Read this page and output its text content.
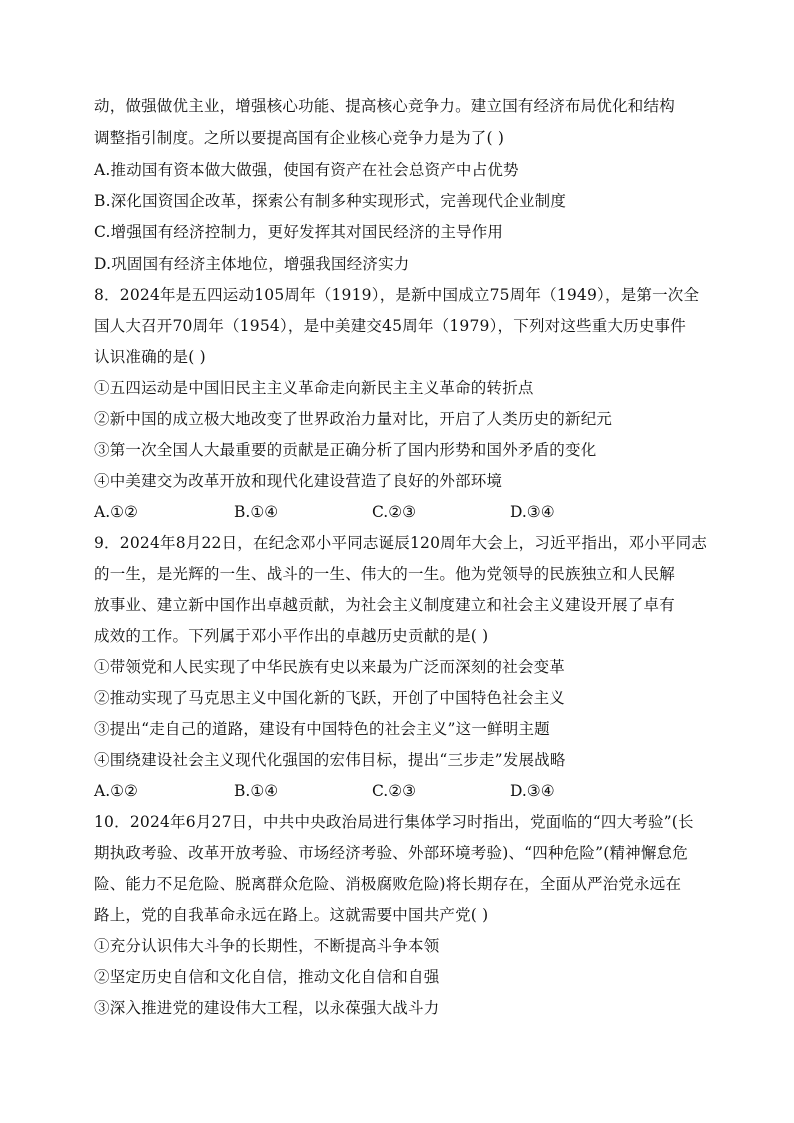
动，做强做优主业，增强核心功能、提高核心竞争力。建立国有经济布局优化和结构
调整指引制度。之所以要提高国有企业核心竞争力是为了( )
A.推动国有资本做大做强，使国有资产在社会总资产中占优势
B.深化国资国企改革，探索公有制多种实现形式，完善现代企业制度
C.增强国有经济控制力，更好发挥其对国民经济的主导作用
D.巩固国有经济主体地位，增强我国经济实力
8．2024年是五四运动105周年（1919），是新中国成立75周年（1949），是第一次全
国人大召开70周年（1954），是中美建交45周年（1979），下列对这些重大历史事件
认识准确的是( )
①五四运动是中国旧民主主义革命走向新民主主义革命的转折点
②新中国的成立极大地改变了世界政治力量对比，开启了人类历史的新纪元
③第一次全国人大最重要的贡献是正确分析了国内形势和国外矛盾的变化
④中美建交为改革开放和现代化建设营造了良好的外部环境
A.①②	B.①④	C.②③	D.③④
9．2024年8月22日，在纪念邓小平同志诞辰120周年大会上，习近平指出，邓小平同志
的一生，是光辉的一生、战斗的一生、伟大的一生。他为党领导的民族独立和人民解
放事业、建立新中国作出卓越贡献，为社会主义制度建立和社会主义建设开展了卓有
成效的工作。下列属于邓小平作出的卓越历史贡献的是( )
①带领党和人民实现了中华民族有史以来最为广泛而深刻的社会变革
②推动实现了马克思主义中国化新的飞跃，开创了中国特色社会主义
③提出“走自己的道路，建设有中国特色的社会主义”这一鲜明主题
④围绕建设社会主义现代化强国的宏伟目标，提出“三步走”发展战略
A.①②	B.①④	C.②③	D.③④
10．2024年6月27日，中共中央政治局进行集体学习时指出，党面临的“四大考验”(长
期执政考验、改革开放考验、市场经济考验、外部环境考验)、“四种危险”(精神懈怠危
险、能力不足危险、脱离群众危险、消极腐败危险)将长期存在，全面从严治党永远在
路上，党的自我革命永远在路上。这就需要中国共产党( )
①充分认识伟大斗争的长期性，不断提高斗争本领
②坚定历史自信和文化自信，推动文化自信和自强
③深入推进党的建设伟大工程，以永葆强大战斗力
